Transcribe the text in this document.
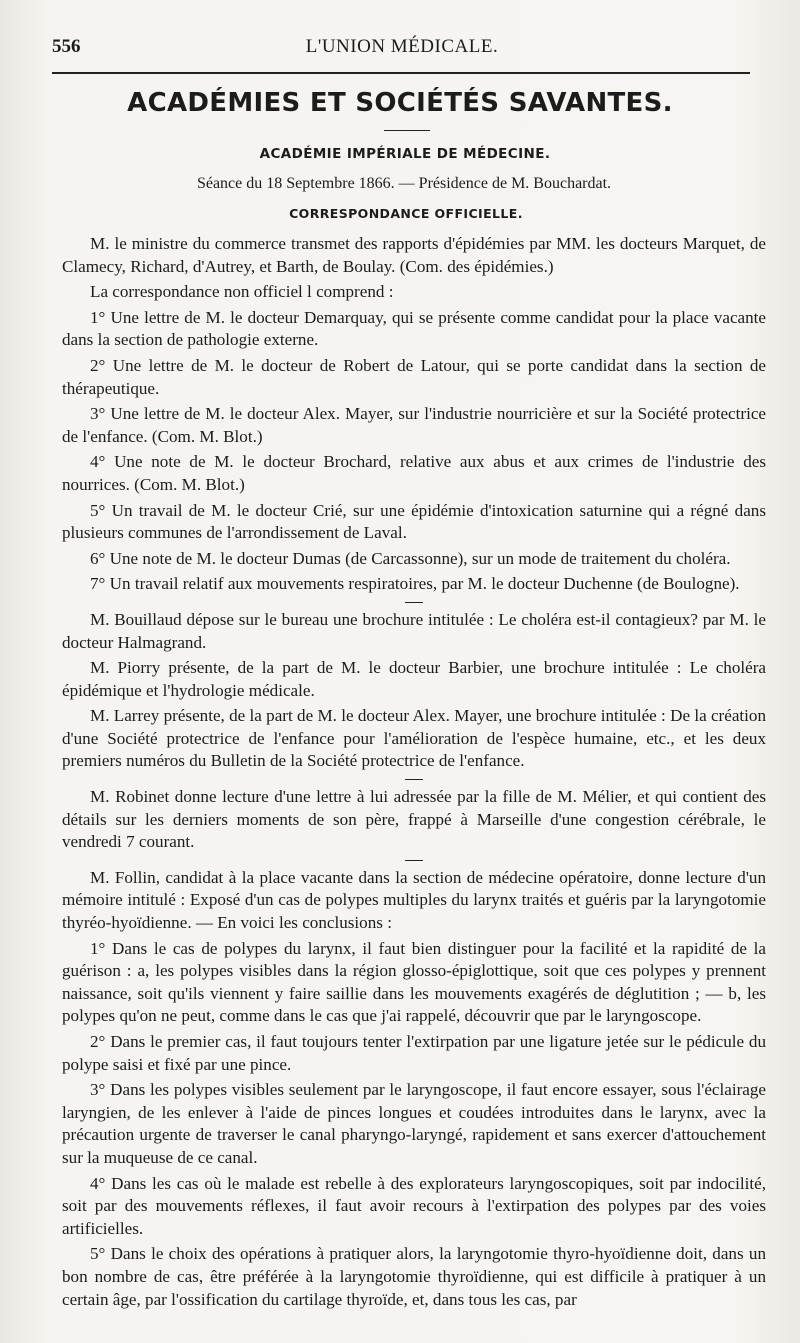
556	L'UNION MÉDICALE.
ACADÉMIES ET SOCIÉTÉS SAVANTES.
ACADÉMIE IMPÉRIALE DE MÉDECINE.
Séance du 18 Septembre 1866. — Présidence de M. Bouchardat.
CORRESPONDANCE OFFICIELLE.

M. le ministre du commerce transmet des rapports d'épidémies par MM. les docteurs Marquet, de Clamecy, Richard, d'Autrey, et Barth, de Boulay. (Com. des épidémies.)

La correspondance non officiel l comprend :

1° Une lettre de M. le docteur Demarquay, qui se présente comme candidat pour la place vacante dans la section de pathologie externe.

2° Une lettre de M. le docteur de Robert de Latour, qui se porte candidat dans la section de thérapeutique.

3° Une lettre de M. le docteur Alex. Mayer, sur l'industrie nourricière et sur la Société protectrice de l'enfance. (Com. M. Blot.)

4° Une note de M. le docteur Brochard, relative aux abus et aux crimes de l'industrie des nourrices. (Com. M. Blot.)

5° Un travail de M. le docteur Crié, sur une épidémie d'intoxication saturnine qui a régné dans plusieurs communes de l'arrondissement de Laval.

6° Une note de M. le docteur Dumas (de Carcassonne), sur un mode de traitement du choléra.

7° Un travail relatif aux mouvements respiratoires, par M. le docteur Duchenne (de Boulogne).

M. Bouillaud dépose sur le bureau une brochure intitulée : Le choléra est-il contagieux? par M. le docteur Halmagrand.

M. Piorry présente, de la part de M. le docteur Barbier, une brochure intitulée : Le choléra épidémique et l'hydrologie médicale.

M. Larrey présente, de la part de M. le docteur Alex. Mayer, une brochure intitulée : De la création d'une Société protectrice de l'enfance pour l'amélioration de l'espèce humaine, etc., et les deux premiers numéros du Bulletin de la Société protectrice de l'enfance.

M. Robinet donne lecture d'une lettre à lui adressée par la fille de M. Mélier, et qui contient des détails sur les derniers moments de son père, frappé à Marseille d'une congestion cérébrale, le vendredi 7 courant.

M. Follin, candidat à la place vacante dans la section de médecine opératoire, donne lecture d'un mémoire intitulé : Exposé d'un cas de polypes multiples du larynx traités et guéris par la laryngotomie thyréo-hyoïdienne. — En voici les conclusions :

1° Dans le cas de polypes du larynx, il faut bien distinguer pour la facilité et la rapidité de la guérison : a, les polypes visibles dans la région glosso-épiglottique, soit que ces polypes y prennent naissance, soit qu'ils viennent y faire saillie dans les mouvements exagérés de déglutition ; — b, les polypes qu'on ne peut, comme dans le cas que j'ai rappelé, découvrir que par le laryngoscope.

2° Dans le premier cas, il faut toujours tenter l'extirpation par une ligature jetée sur le pédicule du polype saisi et fixé par une pince.

3° Dans les polypes visibles seulement par le laryngoscope, il faut encore essayer, sous l'éclairage laryngien, de les enlever à l'aide de pinces longues et coudées introduites dans le larynx, avec la précaution urgente de traverser le canal pharyngo-laryngé, rapidement et sans exercer d'attouchement sur la muqueuse de ce canal.

4° Dans les cas où le malade est rebelle à des explorateurs laryngoscopiques, soit par indocilité, soit par des mouvements réflexes, il faut avoir recours à l'extirpation des polypes par des voies artificielles.

5° Dans le choix des opérations à pratiquer alors, la laryngotomie thyro-hyoïdienne doit, dans un bon nombre de cas, être préférée à la laryngotomie thyroïdienne, qui est difficile à pratiquer à un certain âge, par l'ossification du cartilage thyroïde, et, dans tous les cas, par
